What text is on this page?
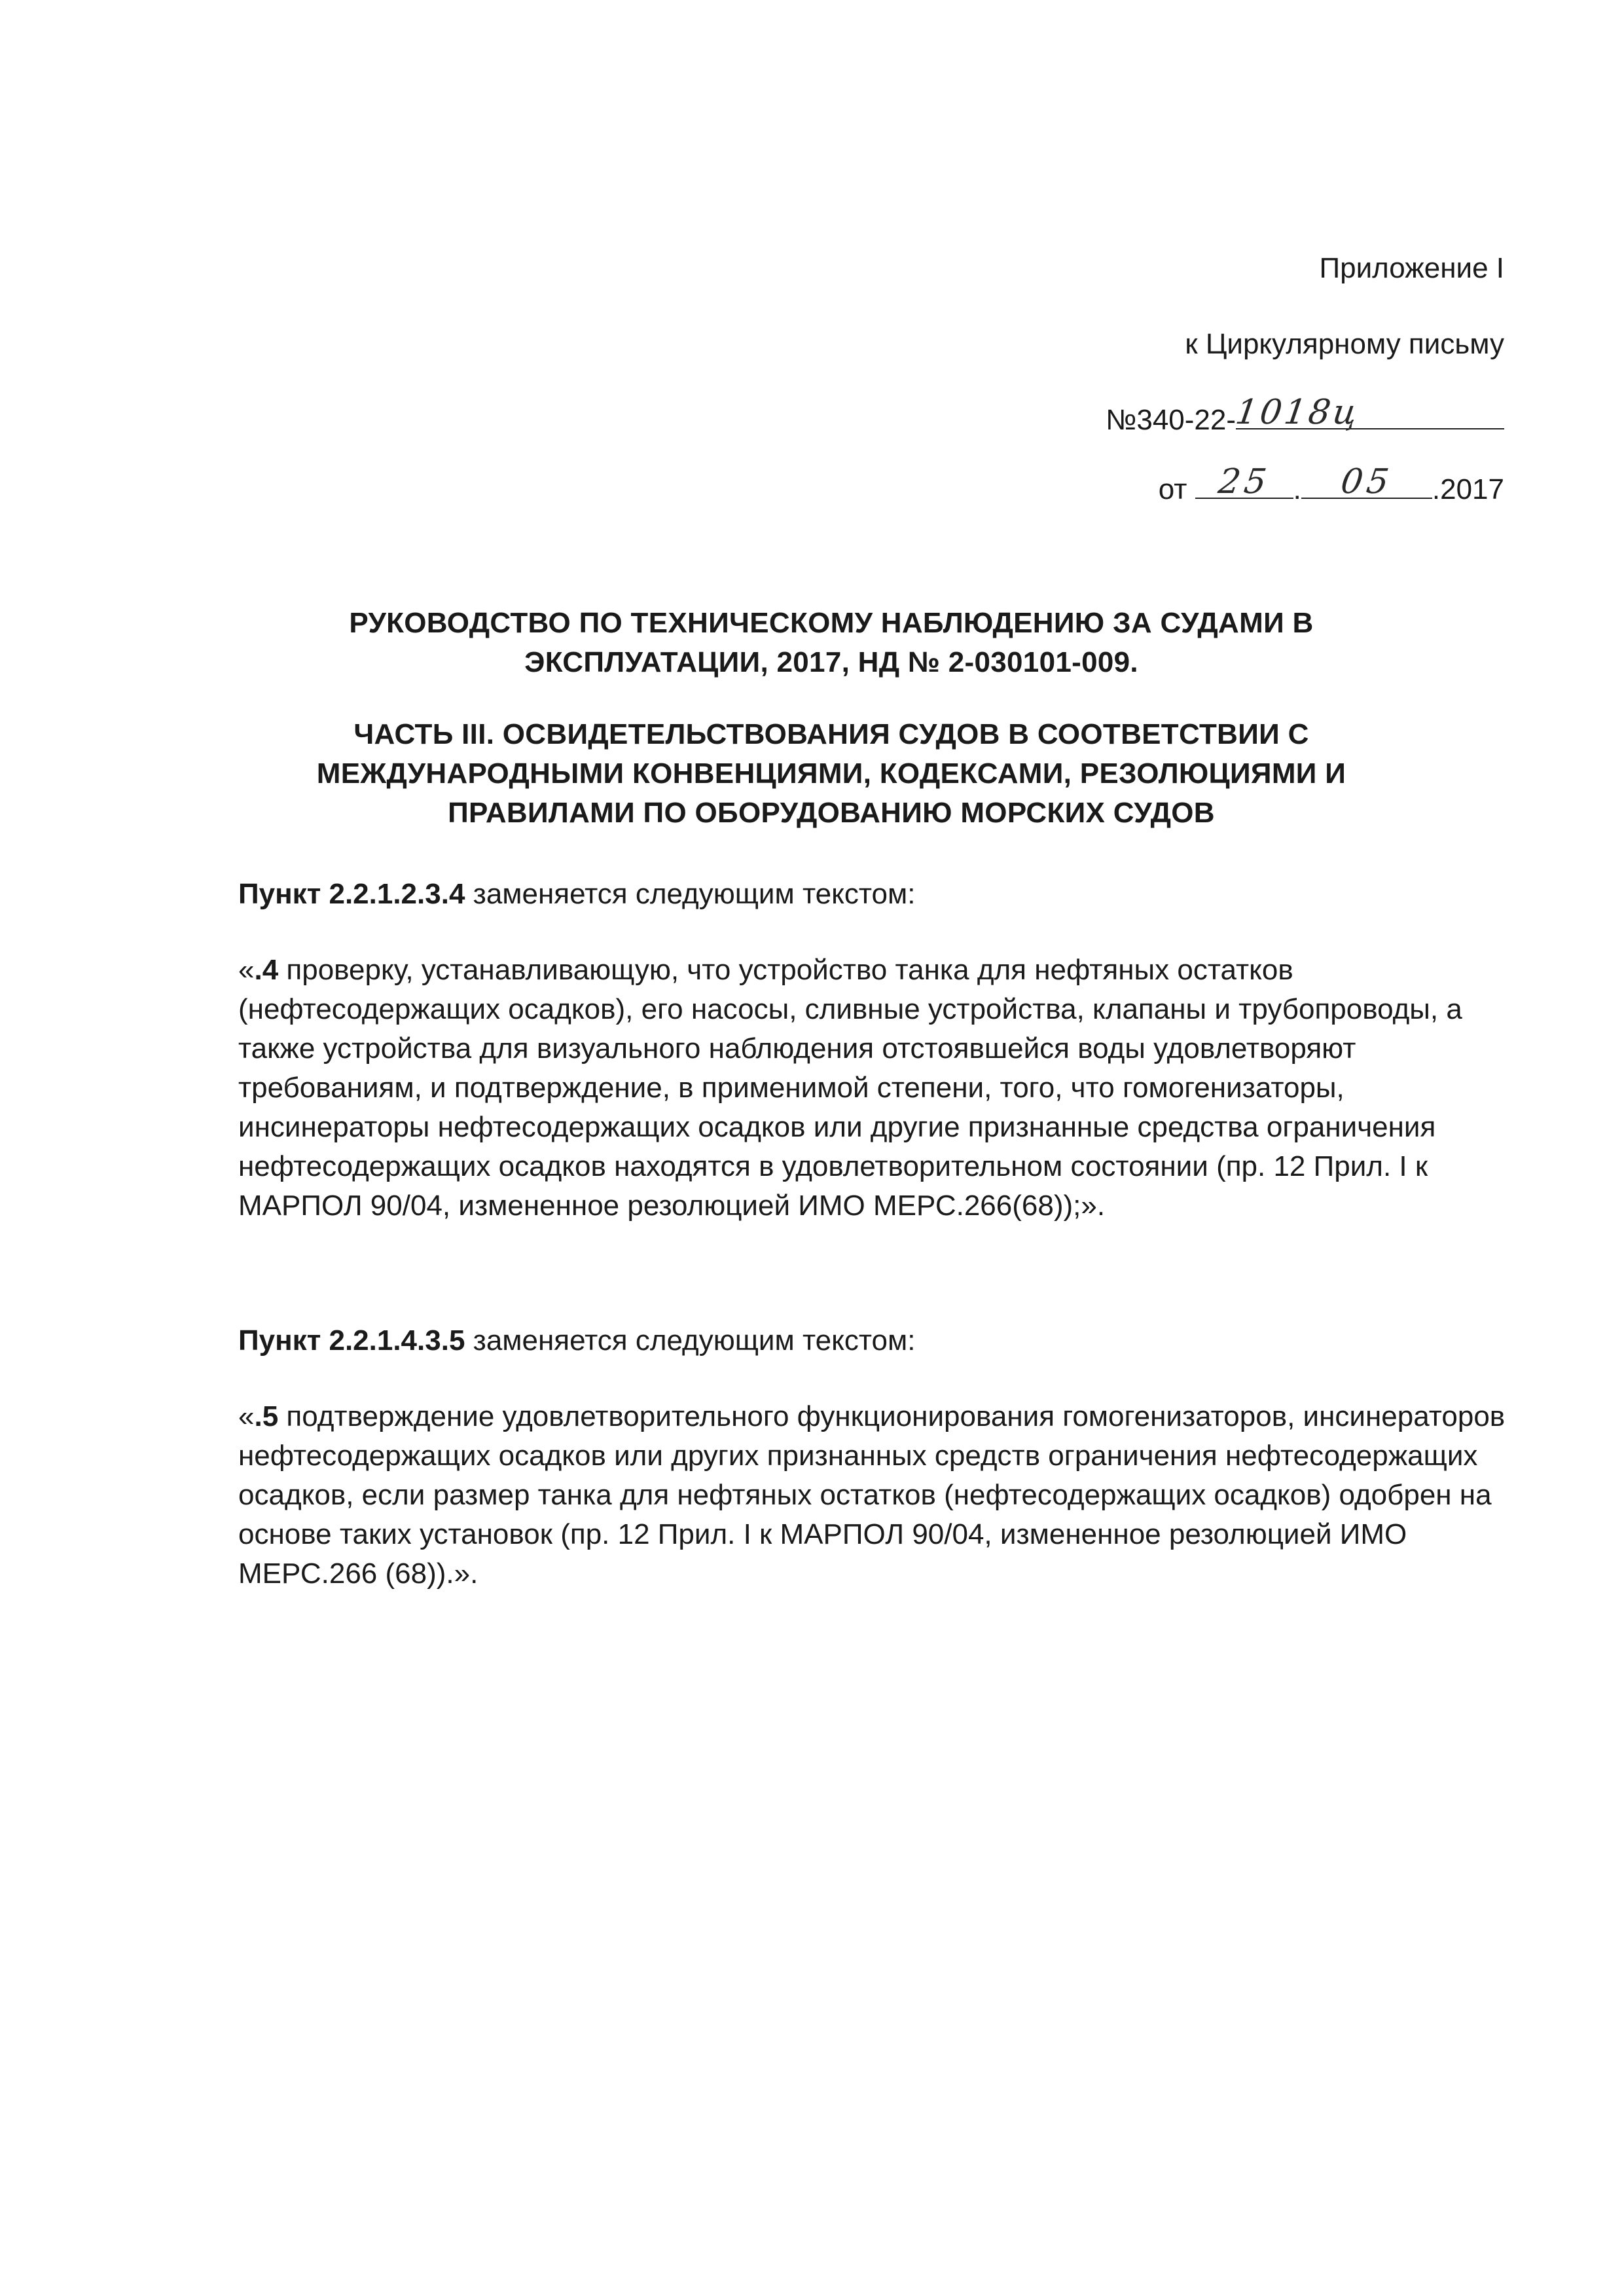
Приложение I
к Циркулярному письму
№340-22-
1018ц
от 25 .	05	.2017
РУКОВОДСТВО ПО ТЕХНИЧЕСКОМУ НАБЛЮДЕНИЮ ЗА СУДАМИ В
ЭКСПЛУАТАЦИИ, 2017, НД № 2-030101-009.
ЧАСТЬ III. ОСВИДЕТЕЛЬСТВОВАНИЯ СУДОВ В СООТВЕТСТВИИ С
МЕЖДУНАРОДНЫМИ КОНВЕНЦИЯМИ, КОДЕКСАМИ, РЕЗОЛЮЦИЯМИ И
ПРАВИЛАМИ ПО ОБОРУДОВАНИЮ МОРСКИХ СУДОВ
Пункт 2.2.1.2.3.4 заменяется следующим текстом:
«.4 проверку, устанавливающую, что устройство танка для нефтяных остатков (нефтесодержащих осадков), его насосы, сливные устройства, клапаны и трубопроводы, а также устройства для визуального наблюдения отстоявшейся воды удовлетворяют требованиям, и подтверждение, в применимой степени, того, что гомогенизаторы, инсинераторы нефтесодержащих осадков или другие признанные средства ограничения нефтесодержащих осадков находятся в удовлетворительном состоянии (пр. 12 Прил. I к МАРПОЛ 90/04, измененное резолюцией ИМО МЕРС.266(68));».
Пункт 2.2.1.4.3.5 заменяется следующим текстом:
«.5 подтверждение удовлетворительного функционирования гомогенизаторов, инсинераторов нефтесодержащих осадков или других признанных средств ограничения нефтесодержащих осадков, если размер танка для нефтяных остатков (нефтесодержащих осадков) одобрен на основе таких установок (пр. 12 Прил. I к МАРПОЛ 90/04, измененное резолюцией ИМО МЕРС.266 (68)).».
